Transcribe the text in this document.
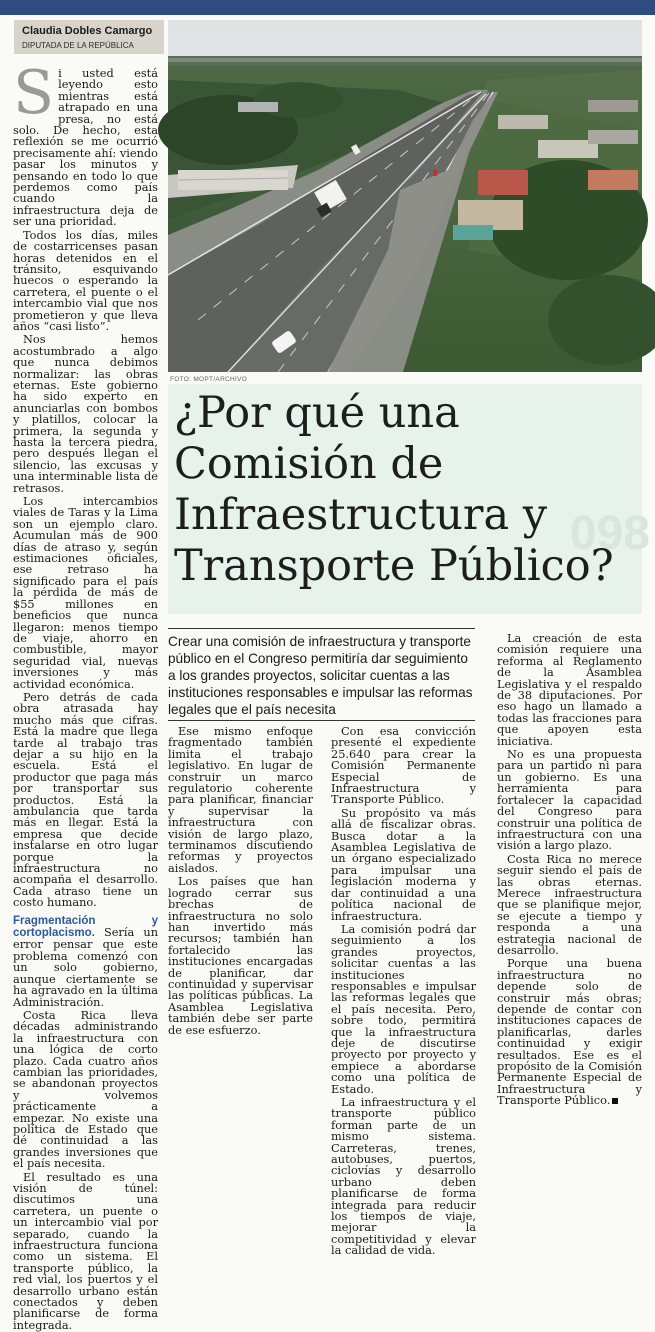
Claudia Dobles Camargo
DIPUTADA DE LA REPÚBLICA
S i usted está leyendo esto mientras está atrapado en una presa, no está solo. De hecho, esta reflexión se me ocurrió precisamente ahí: viendo pasar los minutos y pensando en todo lo que perdemos como país cuando la infraestructura deja de ser una prioridad.

Todos los días, miles de costarricenses pasan horas detenidos en el tránsito, esquivando huecos o esperando la carretera, el puente o el intercambio vial que nos prometieron y que lleva años “casi listo”.

Nos hemos acostumbrado a algo que nunca debimos normalizar: las obras eternas. Este gobierno ha sido experto en anunciarlas con bombos y platillos, colocar la primera, la segunda y hasta la tercera piedra, pero después llegan el silencio, las excusas y una interminable lista de retrasos.

Los intercambios viales de Taras y la Lima son un ejemplo claro. Acumulan más de 900 días de atraso y, según estimaciones oficiales, ese retraso ha significado para el país la pérdida de más de $55 millones en beneficios que nunca llegaron: menos tiempo de viaje, ahorro en combustible, mayor seguridad vial, nuevas inversiones y más actividad económica.

Pero detrás de cada obra atrasada hay mucho más que cifras. Está la madre que llega tarde al trabajo tras dejar a su hijo en la escuela. Está el productor que paga más por transportar sus productos. Está la ambulancia que tarda más en llegar. Está la empresa que decide instalarse en otro lugar porque la infraestructura no acompaña el desarrollo. Cada atraso tiene un costo humano.

Fragmentación y cortoplacismo. Sería un error pensar que este problema comenzó con un solo gobierno, aunque ciertamente se ha agravado en la última Administración.

Costa Rica lleva décadas administrando la infraestructura con una lógica de corto plazo. Cada cuatro años cambian las prioridades, se abandonan proyectos y volvemos prácticamente a empezar. No existe una política de Estado que dé continuidad a las grandes inversiones que el país necesita.

El resultado es una visión de túnel: discutimos una carretera, un puente o un intercambio vial por separado, cuando la infraestructura funciona como un sistema. El transporte público, la red vial, los puertos y el desarrollo urbano están conectados y deben planificarse de forma integrada.

FOTO: MOPT/ARCHIVO
098
¿Por qué una
Comisión de
Infraestructura y
Transporte Público?
Crear una comisión de infraestructura y transporte público en el Congreso permitiría dar seguimiento a los grandes proyectos, solicitar cuentas a las instituciones responsables e impulsar las reformas legales que el país necesita

Ese mismo enfoque fragmentado también limita el trabajo legislativo. En lugar de construir un marco regulatorio coherente para planificar, financiar y supervisar la infraestructura con visión de largo plazo, terminamos discutiendo reformas y proyectos aislados.

Los países que han logrado cerrar sus brechas de infraestructura no solo han invertido más recursos; también han fortalecido las instituciones encargadas de planificar, dar continuidad y supervisar las políticas públicas. La Asamblea Legislativa también debe ser parte de ese esfuerzo.

Con esa convicción presenté el expediente 25.640 para crear la Comisión Permanente Especial de Infraestructura y Transporte Público.

Su propósito va más allá de fiscalizar obras. Busca dotar a la Asamblea Legislativa de un órgano especializado para impulsar una legislación moderna y dar continuidad a una política nacional de infraestructura.

La comisión podrá dar seguimiento a los grandes proyectos, solicitar cuentas a las instituciones responsables e impulsar las reformas legales que el país necesita. Pero, sobre todo, permitirá que la infraestructura deje de discutirse proyecto por proyecto y empiece a abordarse como una política de Estado.

La infraestructura y el transporte público forman parte de un mismo sistema. Carreteras, trenes, autobuses, puertos, ciclovías y desarrollo urbano deben planificarse de forma integrada para reducir los tiempos de viaje, mejorar la competitividad y elevar la calidad de vida.

La creación de esta comisión requiere una reforma al Reglamento de la Asamblea Legislativa y el respaldo de 38 diputaciones. Por eso hago un llamado a todas las fracciones para que apoyen esta iniciativa.

No es una propuesta para un partido ni para un gobierno. Es una herramienta para fortalecer la capacidad del Congreso para construir una política de infraestructura con una visión a largo plazo.

Costa Rica no merece seguir siendo el país de las obras eternas. Merece infraestructura que se planifique mejor, se ejecute a tiempo y responda a una estrategia nacional de desarrollo.

Porque una buena infraestructura no depende solo de construir más obras; depende de contar con instituciones capaces de planificarlas, darles continuidad y exigir resultados. Ese es el propósito de la Comisión Permanente Especial de Infraestructura y Transporte Público.
